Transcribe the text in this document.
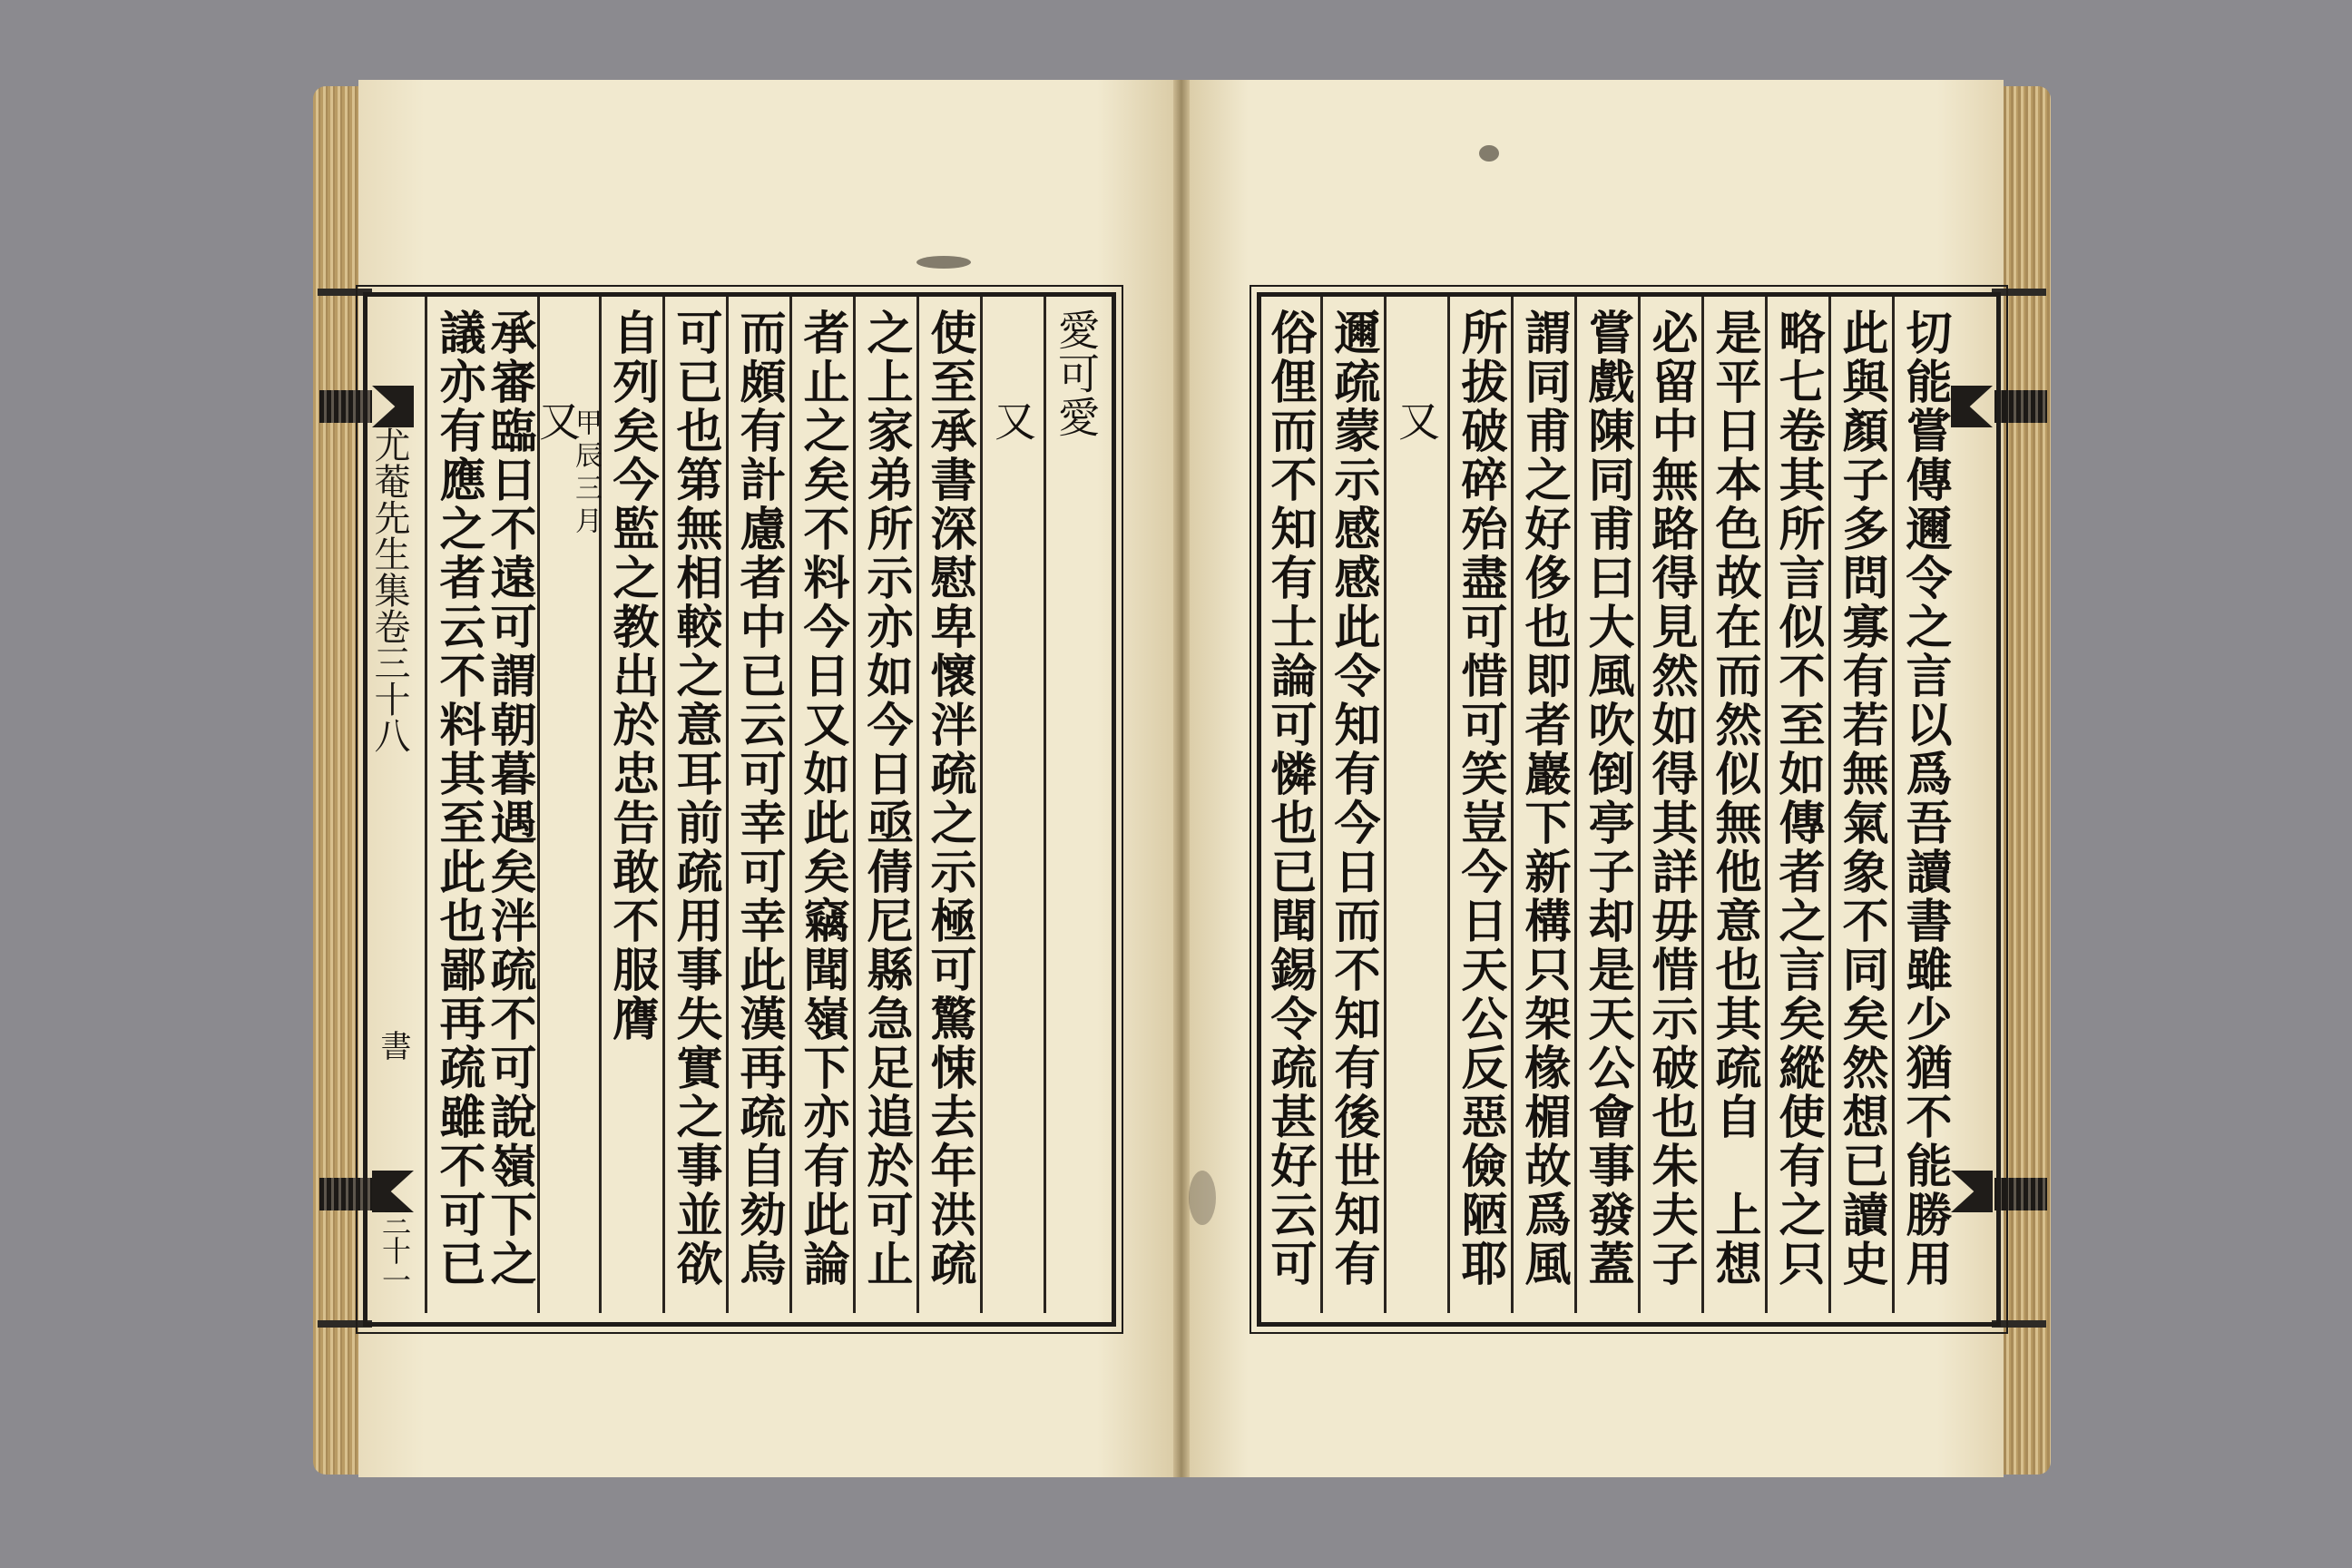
尤菴先生集卷三十八
書
三十一
愛可愛
又
使至承書深慰卑懷泮疏之示極可驚悚去年洪疏
之上家弟所示亦如今日亟倩尼縣急足追於可止
者止之矣不料今日又如此矣竊聞嶺下亦有此論
而頗有計慮者中已云可幸可幸此漢再疏自劾烏
可已也第無相較之意耳前疏用事失實之事並欲
自列矣今監之教出於忠告敢不服膺
又
甲辰三月
承審臨日不遠可謂朝暮遇矣泮疏不可說嶺下之
議亦有應之者云不料其至此也鄙再疏雖不可已	切能嘗傳邇令之言以爲吾讀書雖少猶不能勝用
此與顏子多問寡有若無氣象不同矣然想已讀史
略七卷其所言似不至如傳者之言矣縱使有之只
是平日本色故在而然似無他意也其疏自　上想
必留中無路得見然如得其詳毋惜示破也朱夫子
嘗戲陳同甫曰大風吹倒亭子却是天公會事發蓋
謂同甫之好侈也即者巖下新構只架椽楣故爲風
所拔破碎殆盡可惜可笑豈今日天公反惡儉陋耶
又
邇疏蒙示感感此令知有今日而不知有後世知有
俗俚而不知有士論可憐也已聞錫令疏甚好云可
